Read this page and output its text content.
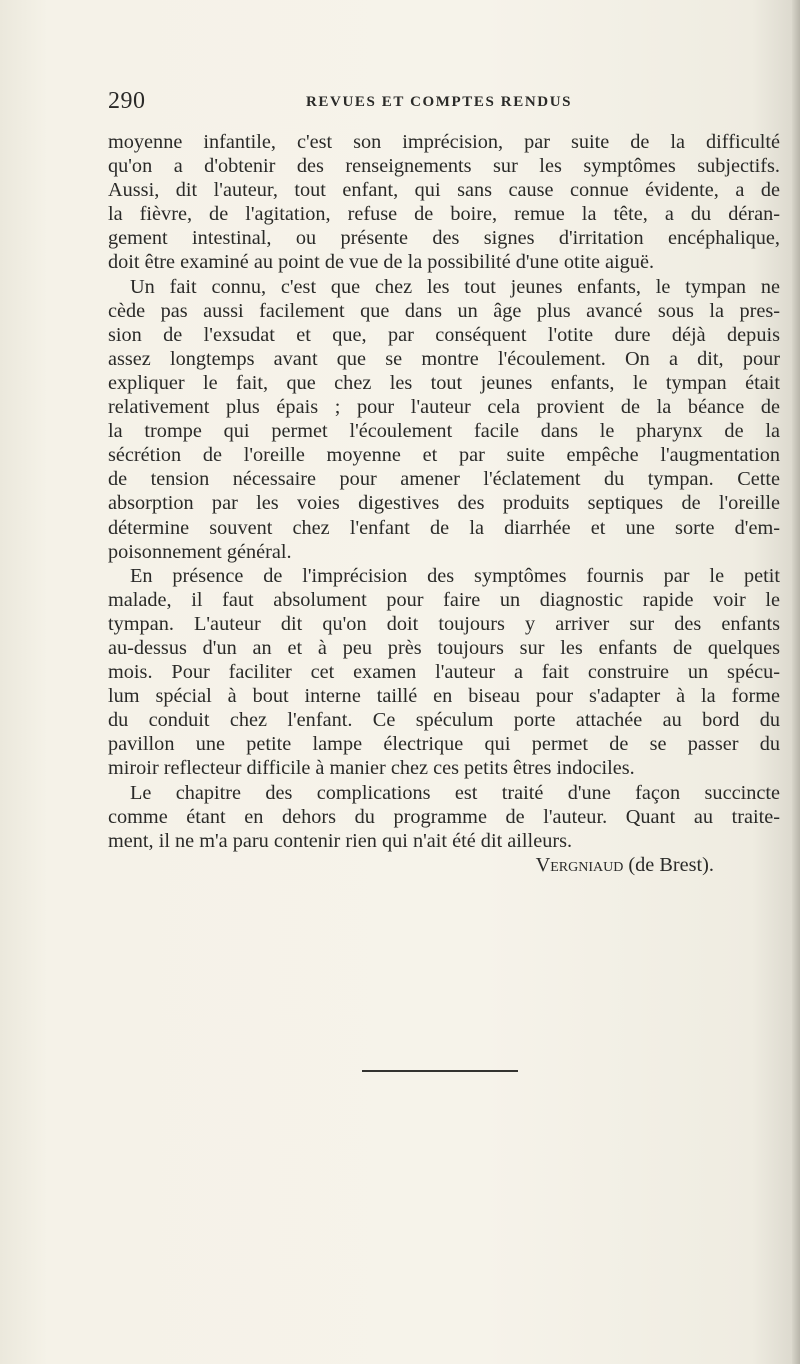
290	REVUES ET COMPTES RENDUS
moyenne infantile, c'est son imprécision, par suite de la difficulté
qu'on a d'obtenir des renseignements sur les symptômes subjectifs.
Aussi, dit l'auteur, tout enfant, qui sans cause connue évidente, a de
la fièvre, de l'agitation, refuse de boire, remue la tête, a du déran-
gement intestinal, ou présente des signes d'irritation encéphalique,
doit être examiné au point de vue de la possibilité d'une otite aiguë.
Un fait connu, c'est que chez les tout jeunes enfants, le tympan ne
cède pas aussi facilement que dans un âge plus avancé sous la pres-
sion de l'exsudat et que, par conséquent l'otite dure déjà depuis
assez longtemps avant que se montre l'écoulement. On a dit, pour
expliquer le fait, que chez les tout jeunes enfants, le tympan était
relativement plus épais ; pour l'auteur cela provient de la béance de
la trompe qui permet l'écoulement facile dans le pharynx de la
sécrétion de l'oreille moyenne et par suite empêche l'augmentation
de tension nécessaire pour amener l'éclatement du tympan. Cette
absorption par les voies digestives des produits septiques de l'oreille
détermine souvent chez l'enfant de la diarrhée et une sorte d'em-
poisonnement général.
En présence de l'imprécision des symptômes fournis par le petit
malade, il faut absolument pour faire un diagnostic rapide voir le
tympan. L'auteur dit qu'on doit toujours y arriver sur des enfants
au-dessus d'un an et à peu près toujours sur les enfants de quelques
mois. Pour faciliter cet examen l'auteur a fait construire un spécu-
lum spécial à bout interne taillé en biseau pour s'adapter à la forme
du conduit chez l'enfant. Ce spéculum porte attachée au bord du
pavillon une petite lampe électrique qui permet de se passer du
miroir reflecteur difficile à manier chez ces petits êtres indociles.
Le chapitre des complications est traité d'une façon succincte
comme étant en dehors du programme de l'auteur. Quant au traite-
ment, il ne m'a paru contenir rien qui n'ait été dit ailleurs.
Vergniaud (de Brest).
